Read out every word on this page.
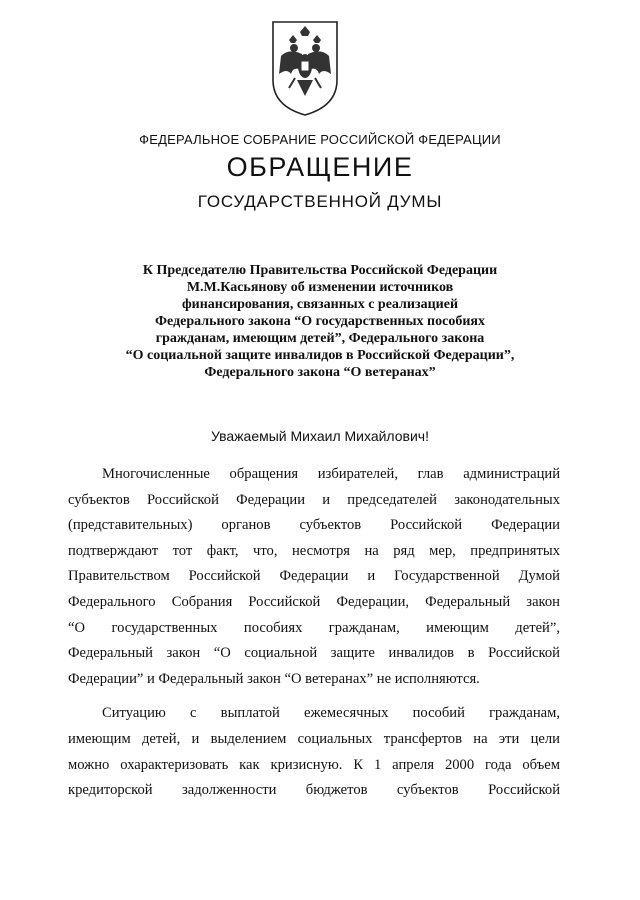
ФЕДЕРАЛЬНОЕ СОБРАНИЕ РОССИЙСКОЙ ФЕДЕРАЦИИ
ОБРАЩЕНИЕ
ГОСУДАРСТВЕННОЙ ДУМЫ
К Председателю Правительства Российской Федерации
М.М.Касьянову об изменении источников
финансирования, связанных с реализацией
Федерального закона “О государственных пособиях
гражданам, имеющим детей”, Федерального закона
“О социальной защите инвалидов в Российской Федерации”,
Федерального закона “О ветеранах”
Уважаемый Михаил Михайлович!
Многочисленные обращения избирателей, глав администраций
субъектов Российской Федерации и председателей законодательных
(представительных) органов субъектов Российской Федерации
подтверждают тот факт, что, несмотря на ряд мер, предпринятых
Правительством Российской Федерации и Государственной Думой
Федерального Собрания Российской Федерации, Федеральный закон
“О государственных пособиях гражданам, имеющим детей”,
Федеральный закон “О социальной защите инвалидов в Российской
Федерации” и Федеральный закон “О ветеранах” не исполняются.
Ситуацию с выплатой ежемесячных пособий гражданам,
имеющим детей, и выделением социальных трансфертов на эти цели
можно охарактеризовать как кризисную. К 1 апреля 2000 года объем
кредиторской задолженности бюджетов субъектов Российской
